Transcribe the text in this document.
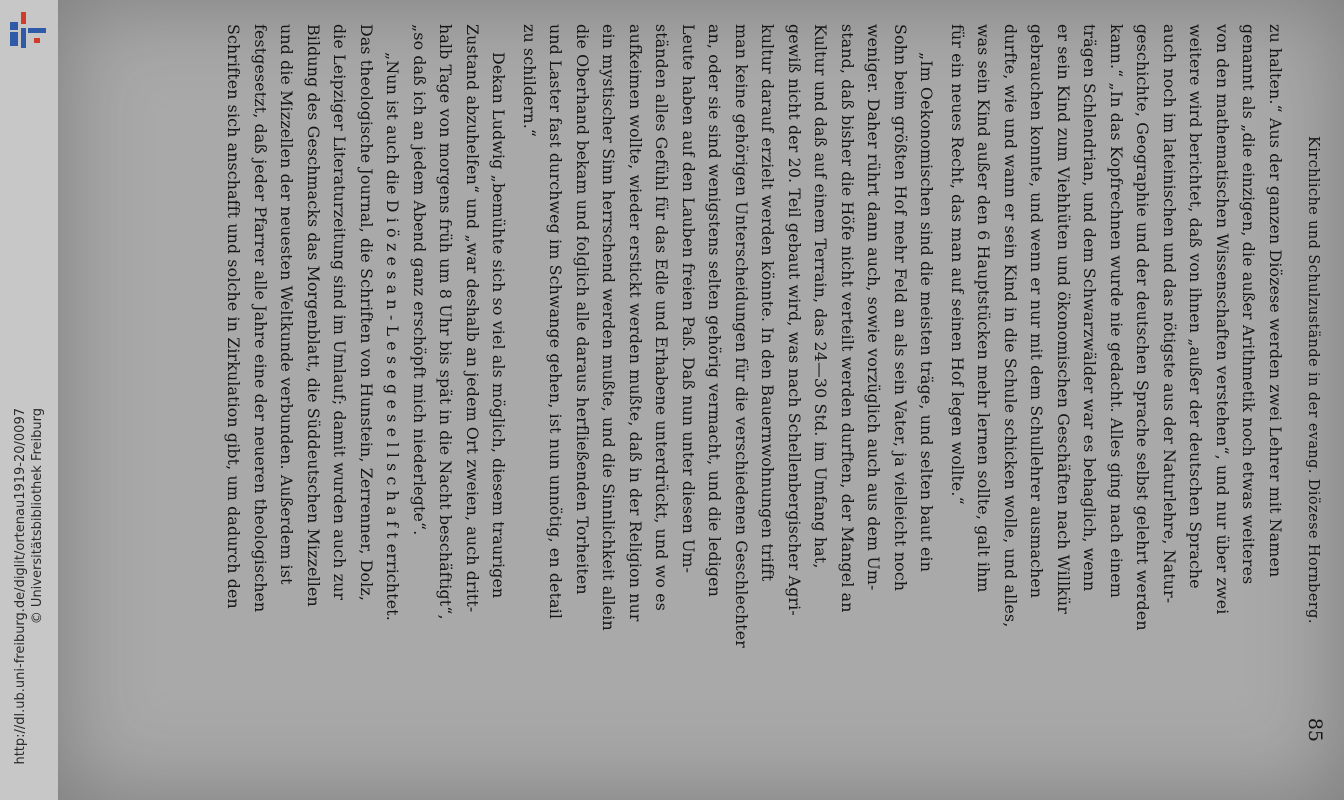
http://dl.ub.uni-freiburg.de/diglit/ortenau1919-20/0097 © Universitätsbibliothek Freiburg	Kirchliche und Schulzustände in der evang. Diözese Hornberg.
85
zu halten.“ Aus der ganzen Diözese werden zwei Lehrer mit Namen
genannt als „die einzigen, die außer Arithmetik noch etwas weiteres
von den mathematischen Wissenschaften verstehen“, und nur über zwei
weitere wird berichtet, daß von ihnen „außer der deutschen Sprache
auch noch im lateinischen und das nötigste aus der Naturlehre, Natur-
geschichte, Geographie und der deutschen Sprache selbst gelehrt werden
kann.“ „In das Kopfrechnen wurde nie gedacht. Alles ging nach einem
trägen Schlendrian, und dem Schwarzwälder war es behaglich, wenn
er sein Kind zum Viehhüten und ökonomischen Geschäften nach Willkür
gebrauchen konnte, und wenn er nur mit dem Schullehrer ausmachen
durfte, wie und wann er sein Kind in die Schule schicken wolle, und alles,
was sein Kind außer den 6 Hauptstücken mehr lernen sollte, galt ihm
für ein neues Recht, das man auf seinen Hof legen wollte.“
„Im Oekonomischen sind die meisten träge, und selten baut ein
Sohn beim größten Hof mehr Feld an als sein Vater, ja vielleicht noch
weniger. Daher rührt dann auch, sowie vorzüglich auch aus dem Um-
stand, daß bisher die Höfe nicht verteilt werden durften, der Mangel an
Kultur und daß auf einem Terrain, das 24—30 Std. im Umfang hat,
gewiß nicht der 20. Teil gebaut wird, was nach Schellenbergischer Agri-
kultur darauf erzielt werden könnte. In den Bauernwohnungen trifft
man keine gehörigen Unterscheidungen für die verschiedenen Geschlechter
an, oder sie sind wenigstens selten gehörig vermacht, und die ledigen
Leute haben auf den Lauben freien Paß. Daß nun unter diesen Um-
ständen alles Gefühl für das Edle und Erhabene unterdrückt, und wo es
aufkeimen wollte, wieder erstickt werden mußte, daß in der Religion nur
ein mystischer Sinn herrschend werden mußte, und die Sinnlichkeit allein
die Oberhand bekam und folglich alle daraus herfließenden Torheiten
und Laster fast durchweg im Schwange gehen, ist nun unnötig, en detail
zu schildern.“
Dekan Ludwig „bemühte sich so viel als möglich, diesem traurigen
Zustand abzuhelfen“ und „war deshalb an jedem Ort zweien, auch dritt-
halb Tage von morgens früh um 8 Uhr bis spät in die Nacht beschäftigt“,
„so daß ich an jedem Abend ganz erschöpft mich niederlegte“.
„Nun ist auch die D i ö z e s a n - L e s e g e s e l l s c h a f t errichtet.
Das theologische Journal, die Schriften von Hunstein, Zerrenner, Dolz,
die Leipziger Literaturzeitung sind im Umlauf; damit wurden auch zur
Bildung des Geschmacks das Morgenblatt, die Süddeutschen Mizzellen
und die Mizzellen der neuesten Weltkunde verbunden. Außerdem ist
festgesetzt, daß jeder Pfarrer alle Jahre eine der neueren theologischen
Schriften sich anschafft und solche in Zirkulation gibt, um dadurch den
